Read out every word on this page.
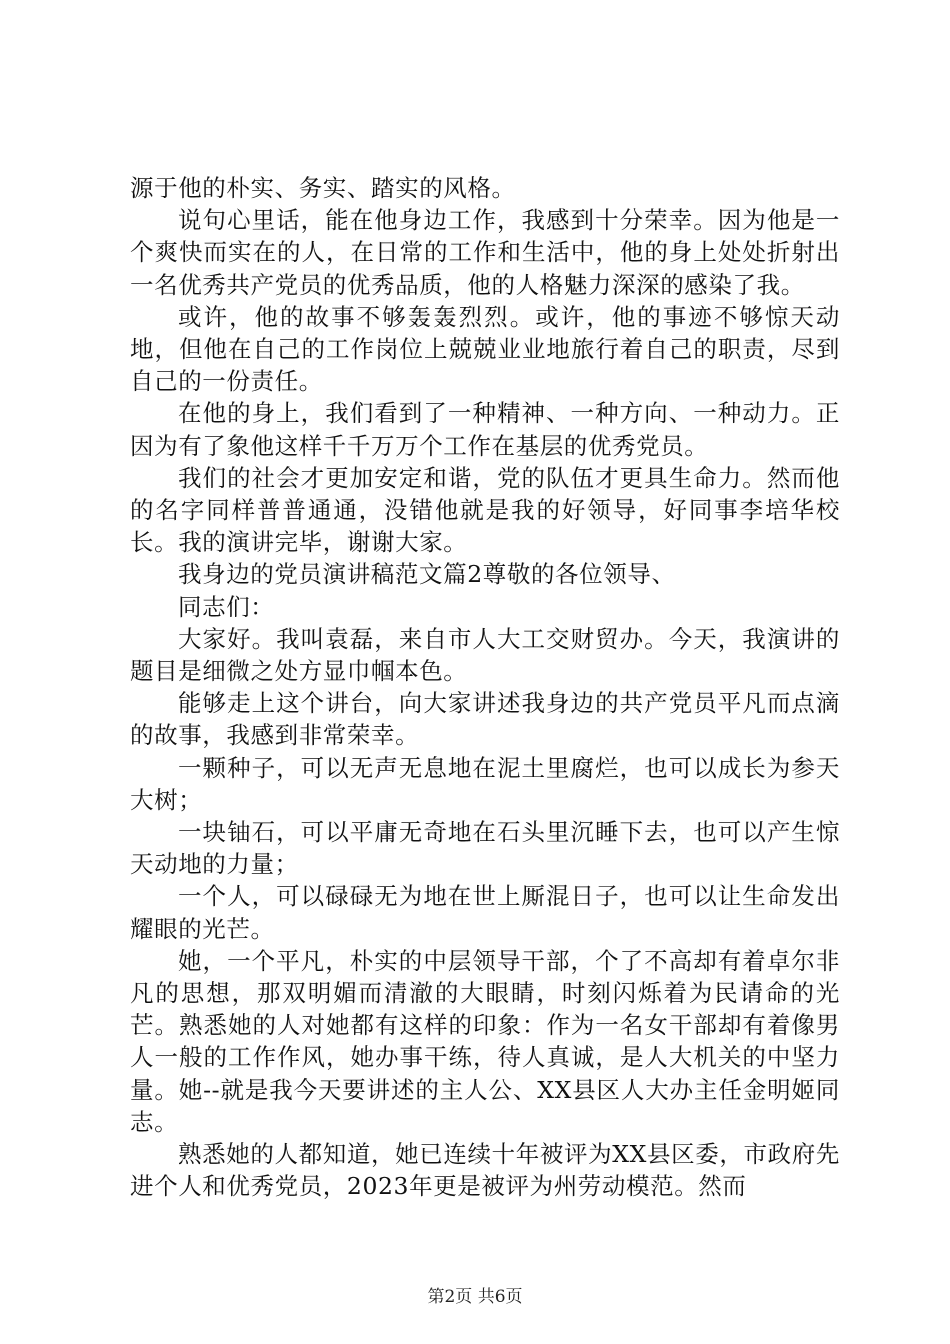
源于他的朴实、务实、踏实的风格。

说句心里话，能在他身边工作，我感到十分荣幸。因为他是一个爽快而实在的人，在日常的工作和生活中，他的身上处处折射出一名优秀共产党员的优秀品质，他的人格魅力深深的感染了我。

或许，他的故事不够轰轰烈烈。或许，他的事迹不够惊天动地，但他在自己的工作岗位上兢兢业业地旅行着自己的职责，尽到自己的一份责任。

在他的身上，我们看到了一种精神、一种方向、一种动力。正因为有了象他这样千千万万个工作在基层的优秀党员。

我们的社会才更加安定和谐，党的队伍才更具生命力。然而他的名字同样普普通通，没错他就是我的好领导，好同事李培华校长。我的演讲完毕，谢谢大家。

我身边的党员演讲稿范文篇2尊敬的各位领导、

同志们：

大家好。我叫袁磊，来自市人大工交财贸办。今天，我演讲的题目是细微之处方显巾帼本色。

能够走上这个讲台，向大家讲述我身边的共产党员平凡而点滴的故事，我感到非常荣幸。

一颗种子，可以无声无息地在泥土里腐烂，也可以成长为参天大树；

一块铀石，可以平庸无奇地在石头里沉睡下去，也可以产生惊天动地的力量；

一个人，可以碌碌无为地在世上厮混日子，也可以让生命发出耀眼的光芒。

她，一个平凡，朴实的中层领导干部，个了不高却有着卓尔非凡的思想，那双明媚而清澈的大眼睛，时刻闪烁着为民请命的光芒。熟悉她的人对她都有这样的印象：作为一名女干部却有着像男人一般的工作作风，她办事干练，待人真诚，是人大机关的中坚力量。她--就是我今天要讲述的主人公、XX县区人大办主任金明姬同志。

熟悉她的人都知道，她已连续十年被评为XX县区委，市政府先进个人和优秀党员，2023年更是被评为州劳动模范。然而

第2页 共6页
